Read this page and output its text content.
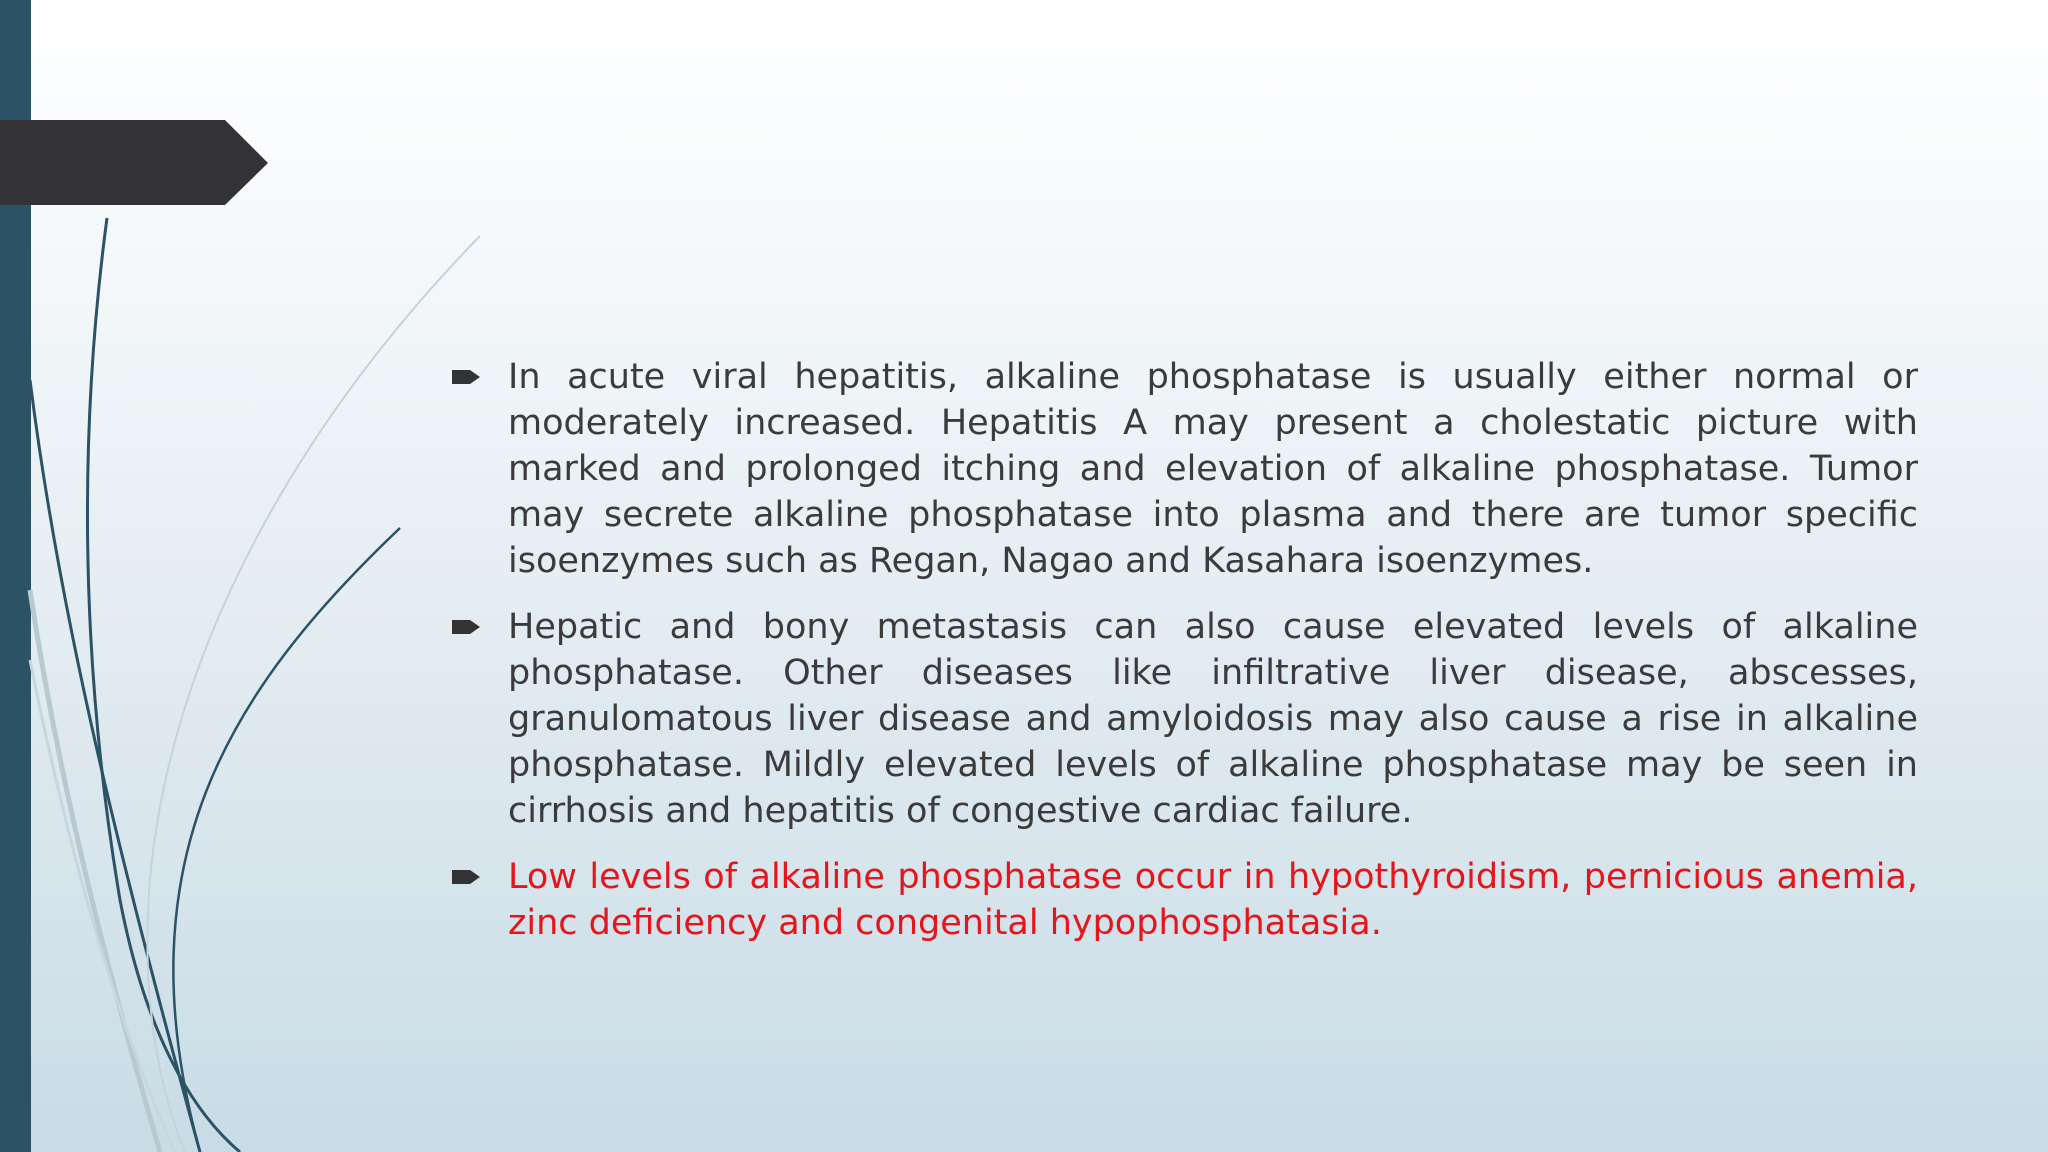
In acute viral hepatitis, alkaline phosphatase is usually either normal or moderately increased. Hepatitis A may present a cholestatic picture with marked and prolonged itching and elevation of alkaline phosphatase. Tumor may secrete alkaline phosphatase into plasma and there are tumor specific isoenzymes such as Regan, Nagao and Kasahara isoenzymes.
Hepatic and bony metastasis can also cause elevated levels of alkaline phosphatase. Other diseases like infiltrative liver disease, abscesses, granulomatous liver disease and amyloidosis may also cause a rise in alkaline phosphatase. Mildly elevated levels of alkaline phosphatase may be seen in cirrhosis and hepatitis of congestive cardiac failure.
Low levels of alkaline phosphatase occur in hypothyroidism, pernicious anemia, zinc deficiency and congenital hypophosphatasia.
